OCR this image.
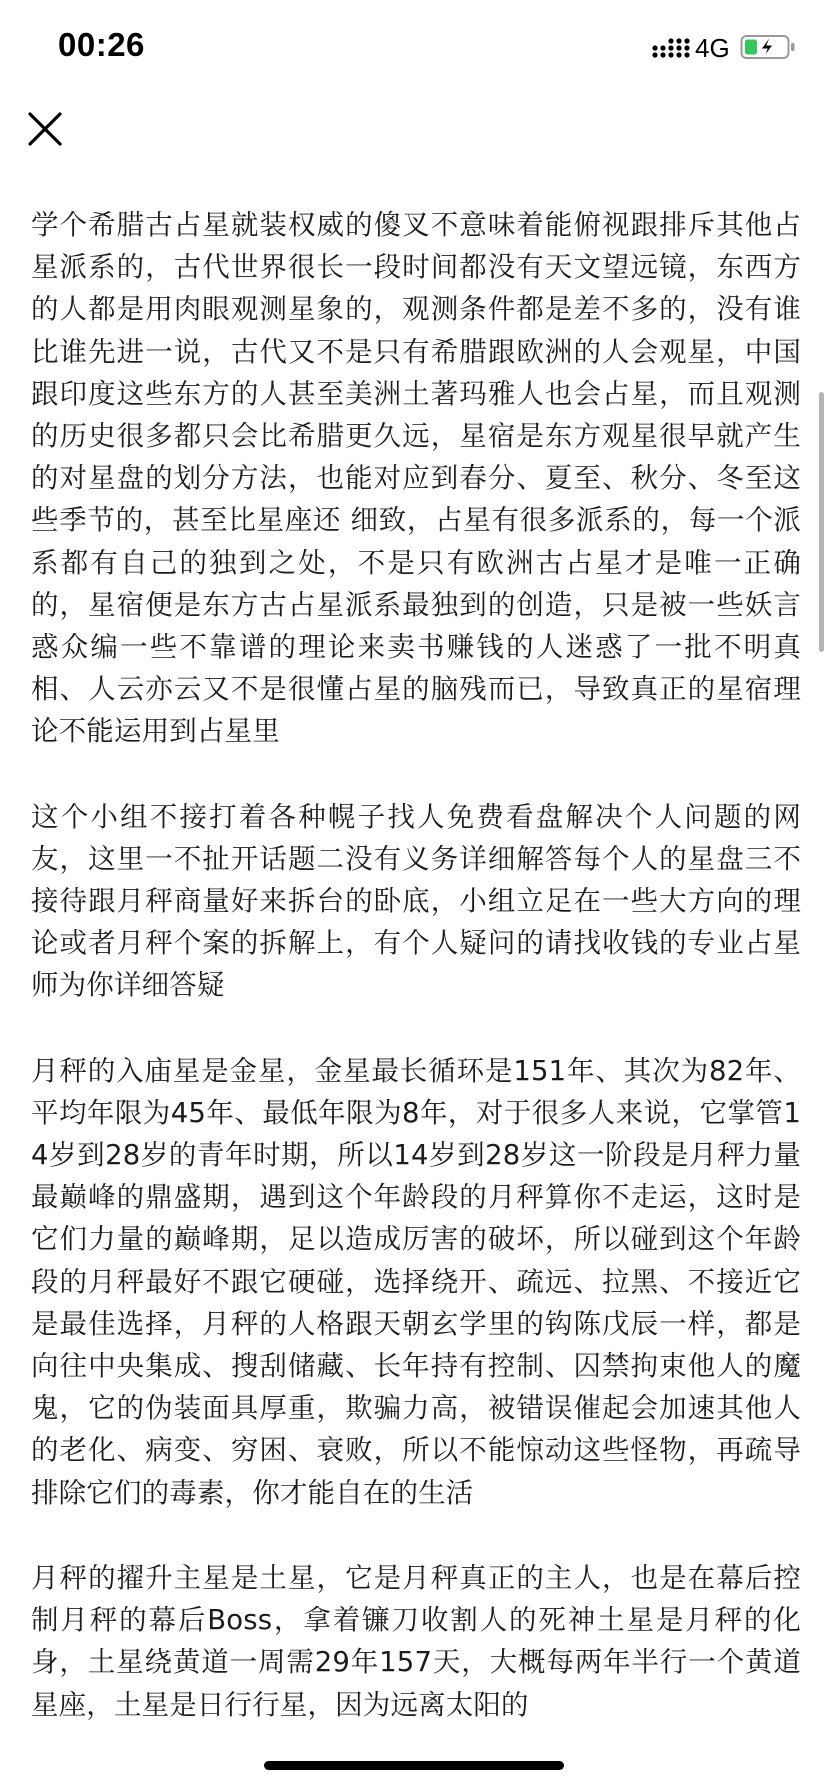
00:26	4G

学个希腊古占星就装权威的傻叉不意味着能俯视跟排斥其他占星派系的，古代世界很长一段时间都没有天文望远镜，东西方的人都是用肉眼观测星象的，观测条件都是差不多的，没有谁比谁先进一说，古代又不是只有希腊跟欧洲的人会观星，中国跟印度这些东方的人甚至美洲土著玛雅人也会占星，而且观测的历史很多都只会比希腊更久远，星宿是东方观星很早就产生的对星盘的划分方法，也能对应到春分、夏至、秋分、冬至这些季节的，甚至比星座还 细致，占星有很多派系的，每一个派系都有自己的独到之处，不是只有欧洲古占星才是唯一正确的，星宿便是东方古占星派系最独到的创造，只是被一些妖言惑众编一些不靠谱的理论来卖书赚钱的人迷惑了一批不明真相、人云亦云又不是很懂占星的脑残而已，导致真正的星宿理论不能运用到占星里

这个小组不接打着各种幌子找人免费看盘解决个人问题的网友，这里一不扯开话题二没有义务详细解答每个人的星盘三不接待跟月秤商量好来拆台的卧底，小组立足在一些大方向的理论或者月秤个案的拆解上，有个人疑问的请找收钱的专业占星师为你详细答疑

月秤的入庙星是金星，金星最长循环是151年、其次为82年、平均年限为45年、最低年限为8年，对于很多人来说，它掌管14岁到28岁的青年时期，所以14岁到28岁这一阶段是月秤力量最巅峰的鼎盛期，遇到这个年龄段的月秤算你不走运，这时是它们力量的巅峰期，足以造成厉害的破坏，所以碰到这个年龄段的月秤最好不跟它硬碰，选择绕开、疏远、拉黑、不接近它是最佳选择，月秤的人格跟天朝玄学里的钩陈戊辰一样，都是向往中央集成、搜刮储藏、长年持有控制、囚禁拘束他人的魔鬼，它的伪装面具厚重，欺骗力高，被错误催起会加速其他人的老化、病变、穷困、衰败，所以不能惊动这些怪物，再疏导排除它们的毒素，你才能自在的生活

月秤的擢升主星是土星，它是月秤真正的主人，也是在幕后控制月秤的幕后Boss，拿着镰刀收割人的死神土星是月秤的化身，土星绕黄道一周需29年157天，大概每两年半行一个黄道星座，土星是日行行星，因为远离太阳的
